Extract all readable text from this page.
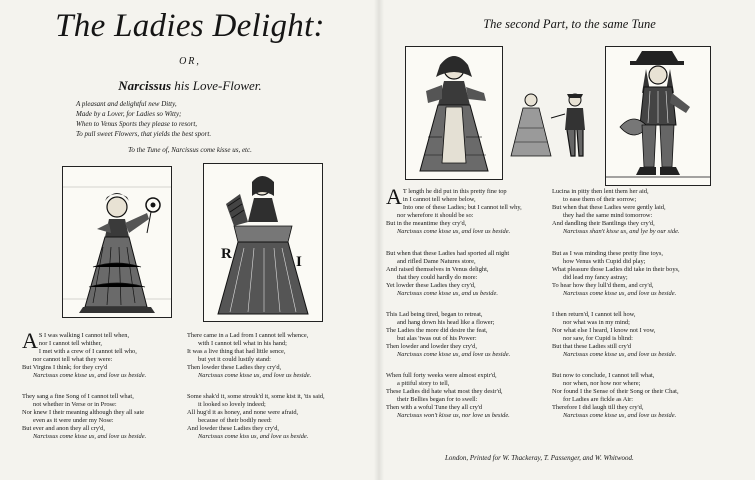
The Ladies Delight:
OR,
Narcissus his Love-Flower.
A pleasant and delightful new Ditty,
Made by a Lover, for Ladies so Witty;
When to Venus Sports they please to resort,
To pull sweet Flowers, that yields the best sport.
To the Tune of, Narcissus come kisse us, etc.
The second Part, to the same Tune
R	I
A S I was walking I cannot tell when,
nor I cannot tell whither,
I met with a crew of I cannot tell who,
nor cannot tell what they were:
But Virgins I think; for they cry'd
Narcissus come kisse us, and love us beside.
They sang a fine Song of I cannot tell what,
not whether in Verse or in Prose:
Nor knew I their meaning although they all sate
even as it were under my Nose:
But ever and anon they all cry'd,
Narcissus come kisse us, and love us beside.
There came in a Lad from I cannot tell whence,
with I cannot tell what in his hand;
It was a live thing that had little sence,
but yet it could lustily stand:
Then lowder these Ladies they cry'd,
Narcissus come kisse us, and love us beside.
Some shak'd it, some strouk'd it, some kist it, 'tis said,
it looked so lovely indeed;
All hug'd it as honey, and none were afraid,
because of their bodily need:
And lowder these Ladies they cry'd,
Narcissus come kiss us, and love us beside.
A T length he did put in this pretty fine top
in I cannot tell where below,
Into one of these Ladies; but I cannot tell why,
nor wherefore it should be so:
But in the meantime they cry'd,
Narcissus come kisse us, and love us beside.
But when that these Ladies had sported all night
and rifled Dame Natures store,
And raised themselves in Venus delight,
that they could hardly do more:
Yet lowder these Ladies they cry'd,
Narcissus come kisse us, and us beside.
This Lad being tired, began to retreat,
and hang down his head like a flower;
The Ladies the more did desire the feat,
but alas 'twas out of his Power:
Then lowder and lowder they cry'd,
Narcissus come kisse us, and love us beside.
When full forty weeks were almost expir'd,
a pitiful story to tell,
These Ladies did hate what most they desir'd,
their Bellies began for to swell:
Then with a woful Tune they all cry'd
Narcissus won't kisse us, nor love us beside.
Lucina in pitty then lent them her aid,
to ease them of their sorrow;
But when that these Ladies were gently laid,
they had the same mind tomorrow:
And dandling their Bantlings they cry'd,
Narcissus shan't kisse us, and lye by our side.
But as I was minding these pretty fine toys,
how Venus with Cupid did play;
What pleasure those Ladies did take in their boys,
did lead my fancy astray;
To hear how they lull'd them, and cry'd,
Narcissus come kisse us, and love us beside.
I then return'd, I cannot tell how,
nor what was in my mind;
Nor what else I heard, I know not I vow,
nor saw, for Cupid is blind:
But that these Ladies still cry'd
Narcissus come kisse us, and love us beside.
But now to conclude, I cannot tell what,
nor when, nor how nor where;
Nor found I the Sense of their Song or their Chat,
for Ladies are fickle as Air:
Therefore I did laugh till they cry'd,
Narcissus come kisse us, and love us beside.
London, Printed for W. Thackeray, T. Passenger, and W. Whitwood.
